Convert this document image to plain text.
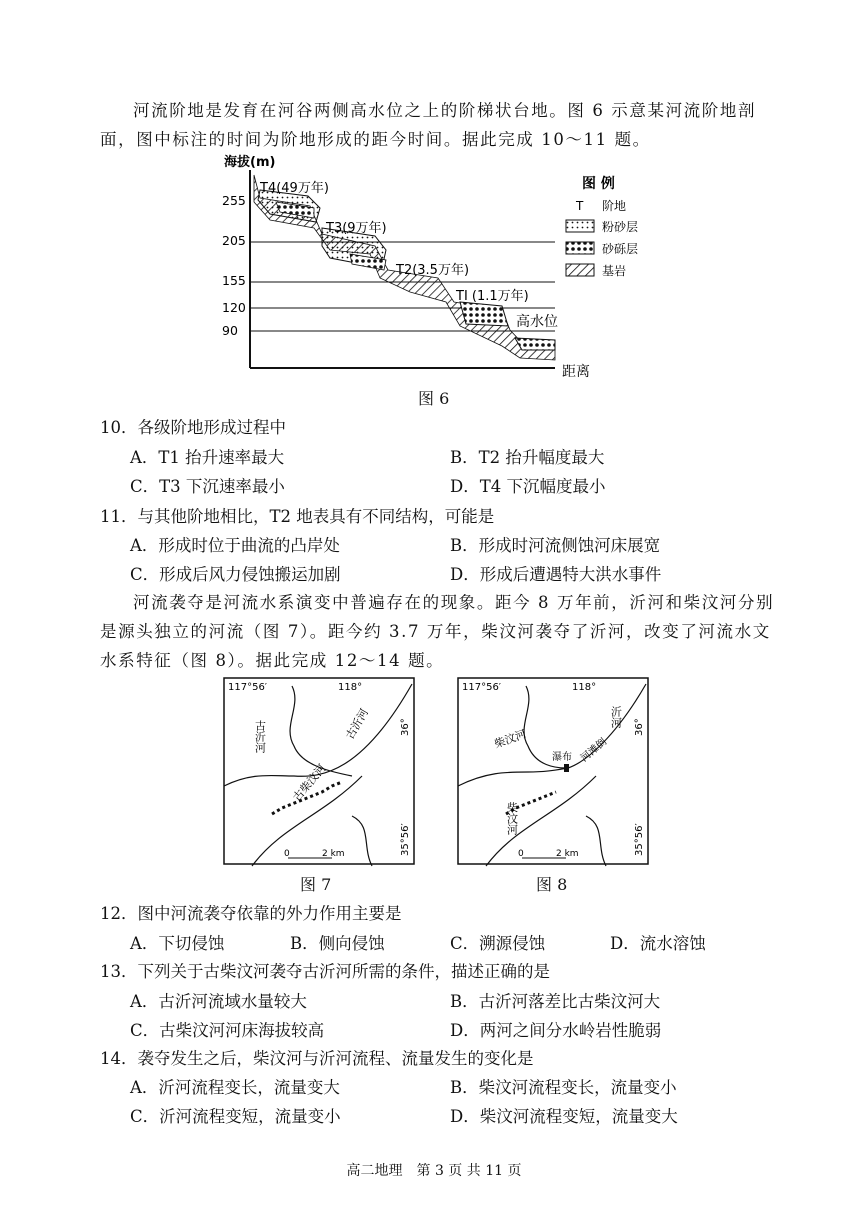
河流阶地是发育在河谷两侧高水位之上的阶梯状台地。图 6 示意某河流阶地剖面，图中标注的时间为阶地形成的距今时间。据此完成 10～11 题。
海拔(m)
距离
255
205
155
120
90
T4(49万年)
T3(9万年)
T2(3.5万年)
TI (1.1万年)
高水位
图 例
T 阶地
粉砂层
砂砾层
基岩
图 6
10．各级阶地形成过程中
A．T1 抬升速率最大	B．T2 抬升幅度最大
C．T3 下沉速率最小	D．T4 下沉幅度最小
11．与其他阶地相比，T2 地表具有不同结构，可能是
A．形成时位于曲流的凸岸处	B．形成时河流侧蚀河床展宽
C．形成后风力侵蚀搬运加剧	D．形成后遭遇特大洪水事件
河流袭夺是河流水系演变中普遍存在的现象。距今 8 万年前，沂河和柴汶河分别是源头独立的河流（图 7）。距今约 3.7 万年，柴汶河袭夺了沂河，改变了河流水文水系特征（图 8）。据此完成 12～14 题。
117°56′	118°
36°
35°56′
古沂河	古沂河
古柴汶河
0	2 km
图 7
117°56′	118°
36°
35°56′
沂河
柴汶河	河滩倒
瀑布
柴汶河
0	2 km
图 8
12．图中河流袭夺依靠的外力作用主要是
A．下切侵蚀	B．侧向侵蚀	C．溯源侵蚀	D．流水溶蚀
13．下列关于古柴汶河袭夺古沂河所需的条件，描述正确的是
A．古沂河流域水量较大	B．古沂河落差比古柴汶河大
C．古柴汶河河床海拔较高	D．两河之间分水岭岩性脆弱
14．袭夺发生之后，柴汶河与沂河流程、流量发生的变化是
A．沂河流程变长，流量变大	B．柴汶河流程变长，流量变小
C．沂河流程变短，流量变小	D．柴汶河流程变短，流量变大
高二地理　第 3 页 共 11 页
